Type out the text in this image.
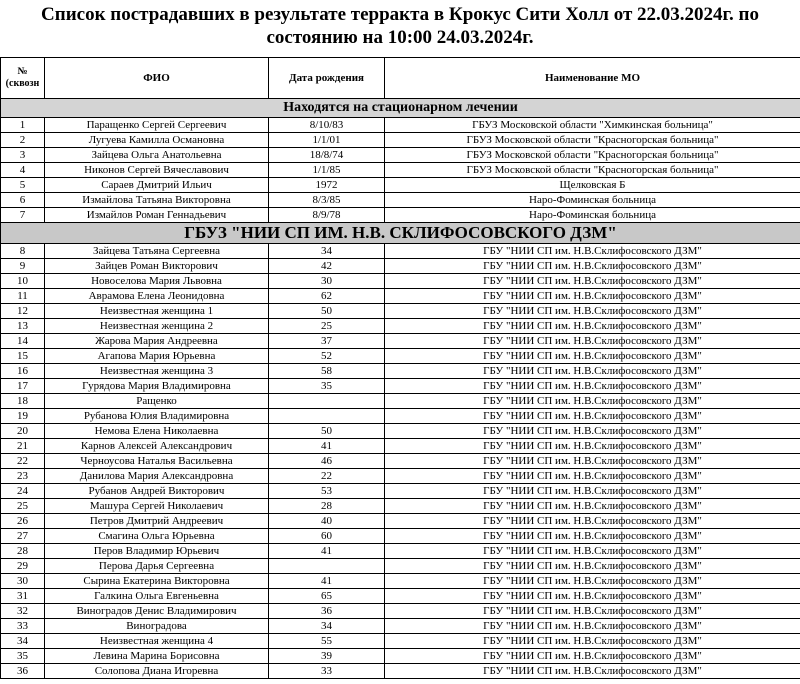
Список пострадавших в результате терракта в Крокус Сити Холл от 22.03.2024г. по
состоянию на 10:00 24.03.2024г.
№
(сквозн	ФИО	Дата рождения	Наименование МО
Находятся на стационарном лечении			
1	Паращенко Сергей Сергеевич	8/10/83	ГБУЗ Московской области "Химкинская больница"
2	Лугуева Камилла Османовна	1/1/01	ГБУЗ Московской области "Красногорская больница"
3	Зайцева Ольга Анатольевна	18/8/74	ГБУЗ Московской области "Красногорская больница"
4	Никонов Сергей Вячеславович	1/1/85	ГБУЗ Московской области "Красногорская больница"
5	Сараев Дмитрий Ильич	1972	Щелковская Б
6	Измайлова Татьяна Викторовна	8/3/85	Наро-Фоминская больница
7	Измайлов Роман Геннадьевич	8/9/78	Наро-Фоминская больница
ГБУЗ "НИИ СП ИМ. Н.В. СКЛИФОСОВСКОГО ДЗМ"			
8	Зайцева Татьяна Сергеевна	34	ГБУ "НИИ СП им. Н.В.Склифосовского ДЗМ"
9	Зайцев Роман Викторович	42	ГБУ "НИИ СП им. Н.В.Склифосовского ДЗМ"
10	Новоселова Мария Львовна	30	ГБУ "НИИ СП им. Н.В.Склифосовского ДЗМ"
11	Аврамова Елена Леонидовна	62	ГБУ "НИИ СП им. Н.В.Склифосовского ДЗМ"
12	Неизвестная женщина 1	50	ГБУ "НИИ СП им. Н.В.Склифосовского ДЗМ"
13	Неизвестная женщина 2	25	ГБУ "НИИ СП им. Н.В.Склифосовского ДЗМ"
14	Жарова Мария Андреевна	37	ГБУ "НИИ СП им. Н.В.Склифосовского ДЗМ"
15	Агапова Мария Юрьевна	52	ГБУ "НИИ СП им. Н.В.Склифосовского ДЗМ"
16	Неизвестная женщина 3	58	ГБУ "НИИ СП им. Н.В.Склифосовского ДЗМ"
17	Гурядова Мария Владимировна	35	ГБУ "НИИ СП им. Н.В.Склифосовского ДЗМ"
18	Ращенко		ГБУ "НИИ СП им. Н.В.Склифосовского ДЗМ"
19	Рубанова Юлия Владимировна		ГБУ "НИИ СП им. Н.В.Склифосовского ДЗМ"
20	Немова Елена Николаевна	50	ГБУ "НИИ СП им. Н.В.Склифосовского ДЗМ"
21	Карнов Алексей Александрович	41	ГБУ "НИИ СП им. Н.В.Склифосовского ДЗМ"
22	Черноусова Наталья Васильевна	46	ГБУ "НИИ СП им. Н.В.Склифосовского ДЗМ"
23	Данилова Мария Александровна	22	ГБУ "НИИ СП им. Н.В.Склифосовского ДЗМ"
24	Рубанов Андрей Викторович	53	ГБУ "НИИ СП им. Н.В.Склифосовского ДЗМ"
25	Машура Сергей Николаевич	28	ГБУ "НИИ СП им. Н.В.Склифосовского ДЗМ"
26	Петров Дмитрий Андреевич	40	ГБУ "НИИ СП им. Н.В.Склифосовского ДЗМ"
27	Смагина Ольга Юрьевна	60	ГБУ "НИИ СП им. Н.В.Склифосовского ДЗМ"
28	Перов Владимир Юрьевич	41	ГБУ "НИИ СП им. Н.В.Склифосовского ДЗМ"
29	Перова Дарья Сергеевна		ГБУ "НИИ СП им. Н.В.Склифосовского ДЗМ"
30	Сырина Екатерина Викторовна	41	ГБУ "НИИ СП им. Н.В.Склифосовского ДЗМ"
31	Галкина Ольга Евгеньевна	65	ГБУ "НИИ СП им. Н.В.Склифосовского ДЗМ"
32	Виноградов Денис Владимирович	36	ГБУ "НИИ СП им. Н.В.Склифосовского ДЗМ"
33	Виноградова	34	ГБУ "НИИ СП им. Н.В.Склифосовского ДЗМ"
34	Неизвестная женщина 4	55	ГБУ "НИИ СП им. Н.В.Склифосовского ДЗМ"
35	Левина Марина Борисовна	39	ГБУ "НИИ СП им. Н.В.Склифосовского ДЗМ"
36	Солопова Диана Игоревна	33	ГБУ "НИИ СП им. Н.В.Склифосовского ДЗМ"
